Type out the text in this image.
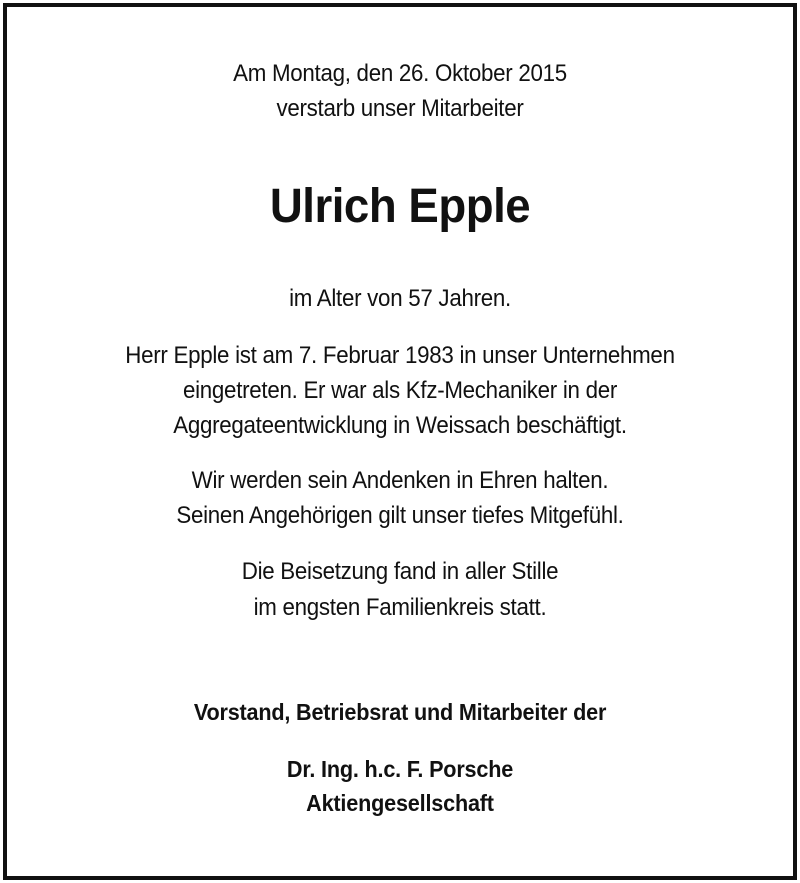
Am Montag, den 26. Oktober 2015
verstarb unser Mitarbeiter
Ulrich Epple
im Alter von 57 Jahren.
Herr Epple ist am 7. Februar 1983 in unser Unternehmen
eingetreten. Er war als Kfz-Mechaniker in der
Aggregateentwicklung in Weissach beschäftigt.
Wir werden sein Andenken in Ehren halten.
Seinen Angehörigen gilt unser tiefes Mitgefühl.
Die Beisetzung fand in aller Stille
im engsten Familienkreis statt.
Vorstand, Betriebsrat und Mitarbeiter der
Dr. Ing. h.c. F. Porsche
Aktiengesellschaft
